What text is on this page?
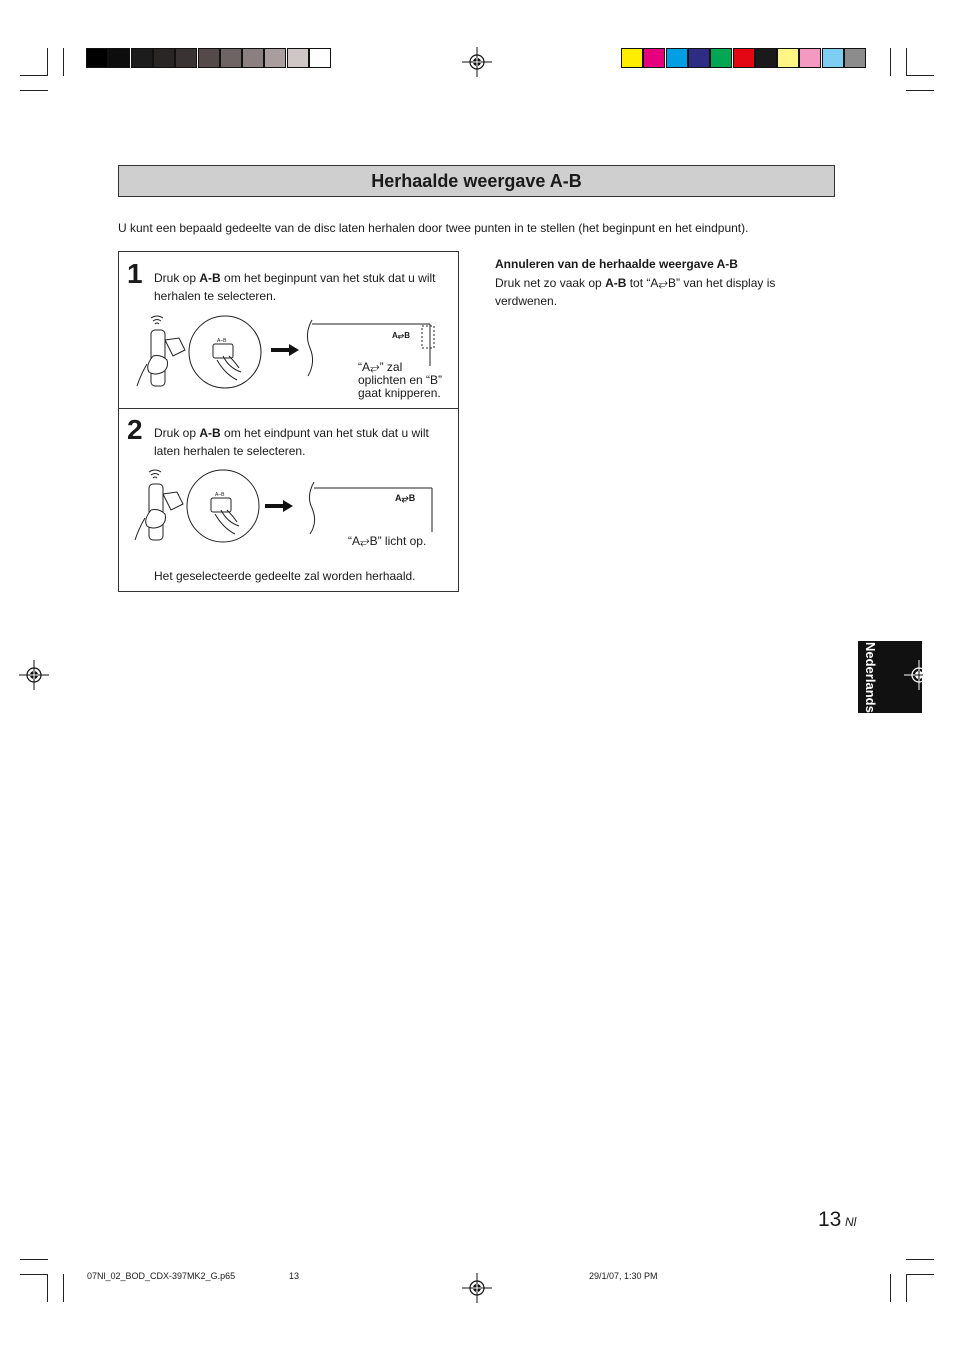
Herhaalde weergave A-B
U kunt een bepaald gedeelte van de disc laten herhalen door twee punten in te stellen (het beginpunt en het eindpunt).
1 Druk op A-B om het beginpunt van het stuk dat u wilt
herhalen te selecteren.
A–B
A⥂B
“A⥂” zal
oplichten en “B”
gaat knipperen.
2 Druk op A-B om het eindpunt van het stuk dat u wilt
laten herhalen te selecteren.
A–B	A⥂B
“A⥂B” licht op.
Het geselecteerde gedeelte zal worden herhaald.
Annuleren van de herhaalde weergave A-B
Druk net zo vaak op A-B tot “A⥂B” van het display is verdwenen.
Nederlands
13 Nl
07Nl_02_BOD_CDX-397MK2_G.p65	13	29/1/07, 1:30 PM
